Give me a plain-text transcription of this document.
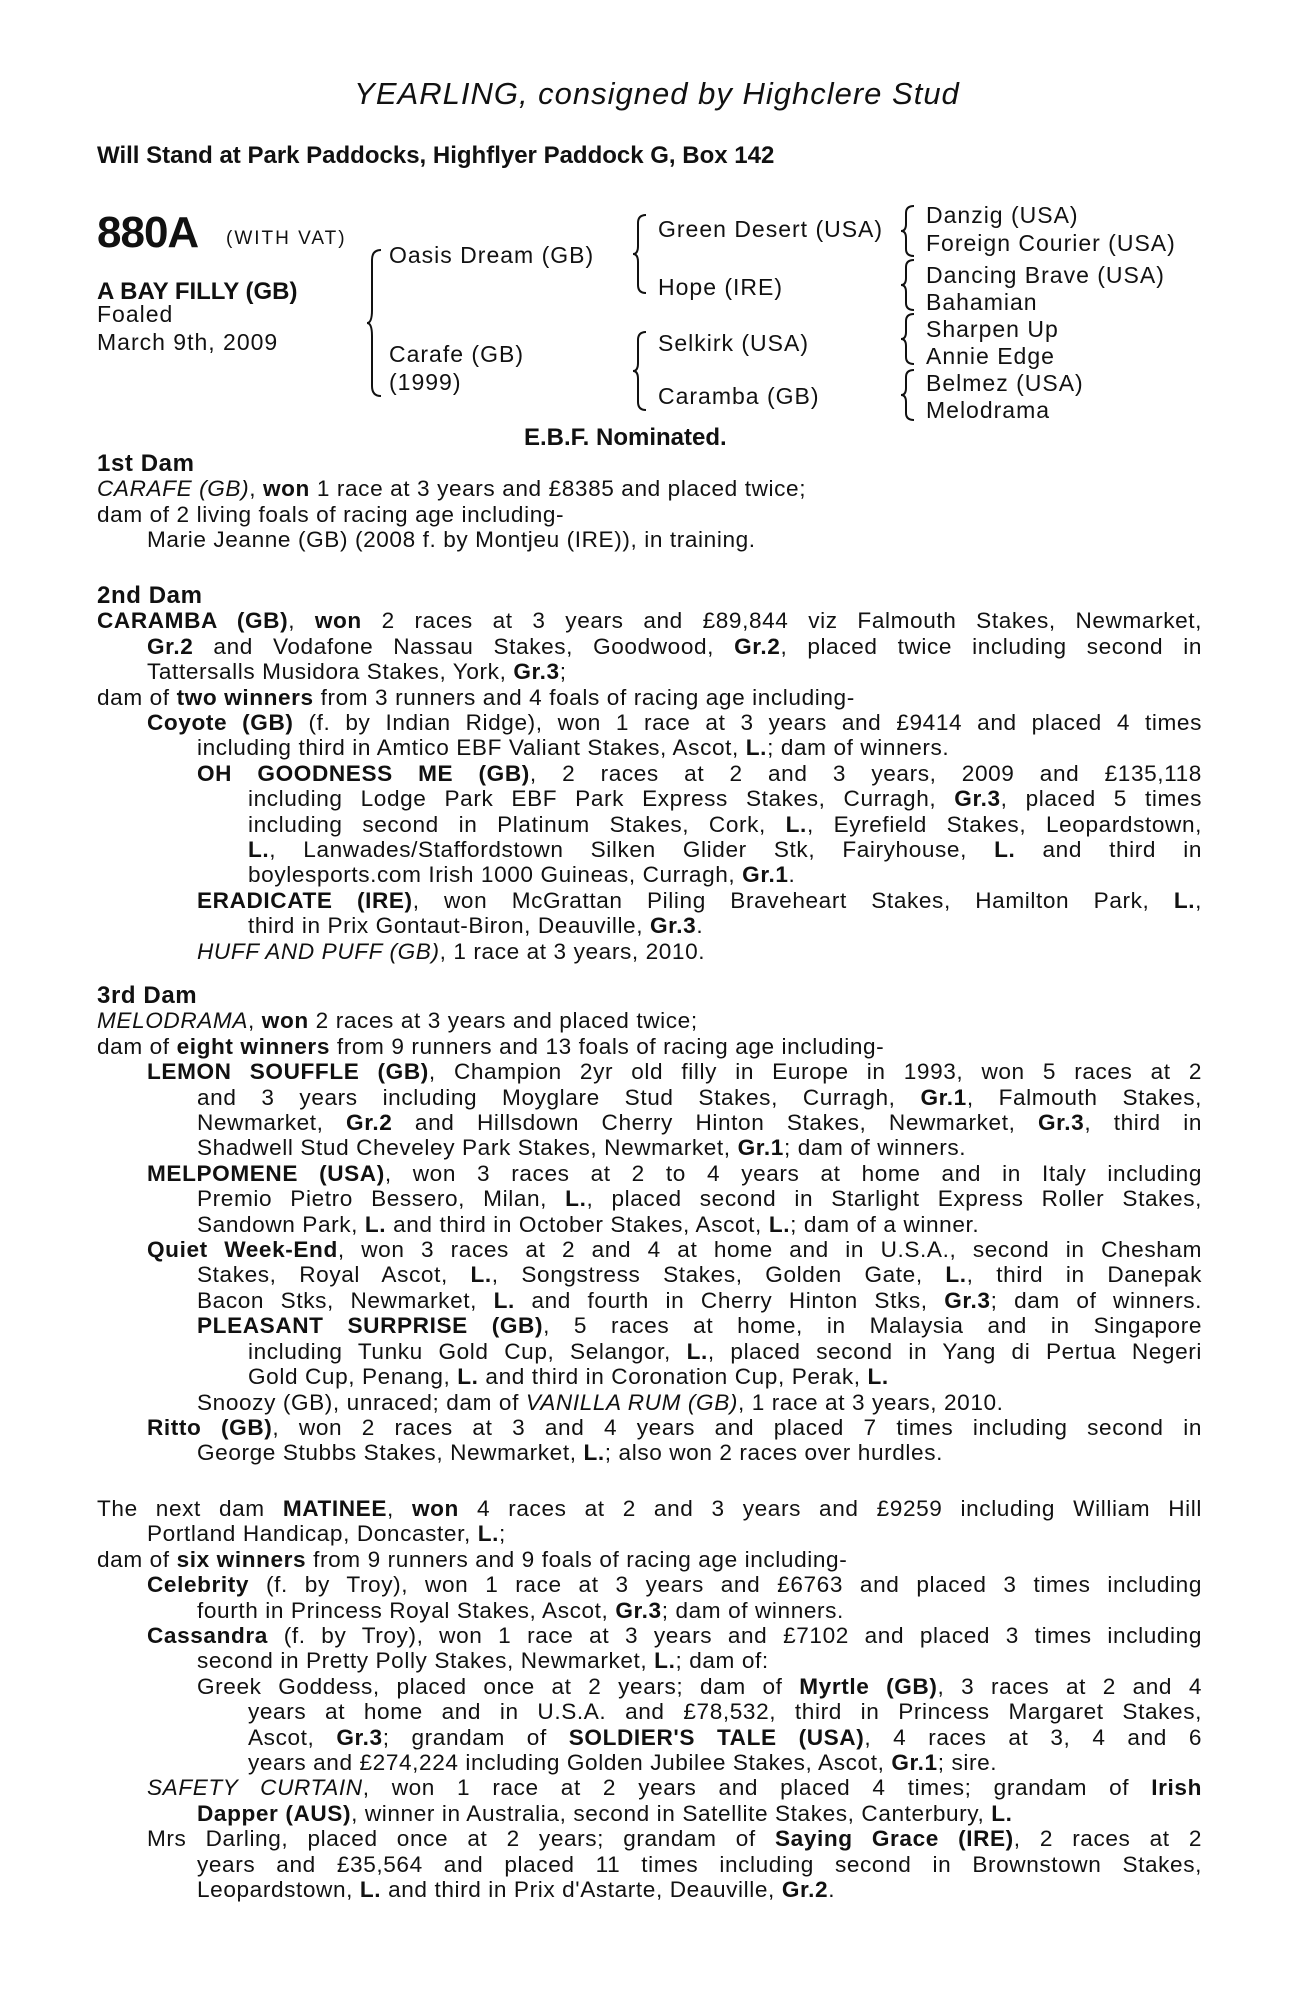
YEARLING, consigned by Highclere Stud
Will Stand at Park Paddocks, Highflyer Paddock G, Box 142
880A (WITH VAT)
A BAY FILLY (GB)
Foaled
March 9th, 2009
Oasis Dream (GB)
Carafe (GB)
(1999)
Green Desert (USA)
Hope (IRE)
Selkirk (USA)
Caramba (GB)
Danzig (USA)
Foreign Courier (USA)
Dancing Brave (USA)
Bahamian
Sharpen Up
Annie Edge
Belmez (USA)
Melodrama
E.B.F. Nominated.
1st Dam
CARAFE (GB), won 1 race at 3 years and £8385 and placed twice;
dam of 2 living foals of racing age including-
Marie Jeanne (GB) (2008 f. by Montjeu (IRE)), in training.
2nd Dam
CARAMBA (GB), won 2 races at 3 years and £89,844 viz Falmouth Stakes, Newmarket,
Gr.2 and Vodafone Nassau Stakes, Goodwood, Gr.2, placed twice including second in
Tattersalls Musidora Stakes, York, Gr.3;
dam of two winners from 3 runners and 4 foals of racing age including-
Coyote (GB) (f. by Indian Ridge), won 1 race at 3 years and £9414 and placed 4 times
including third in Amtico EBF Valiant Stakes, Ascot, L.; dam of winners.
OH GOODNESS ME (GB), 2 races at 2 and 3 years, 2009 and £135,118
including Lodge Park EBF Park Express Stakes, Curragh, Gr.3, placed 5 times
including second in Platinum Stakes, Cork, L., Eyrefield Stakes, Leopardstown,
L., Lanwades/Staffordstown Silken Glider Stk, Fairyhouse, L. and third in
boylesports.com Irish 1000 Guineas, Curragh, Gr.1.
ERADICATE (IRE), won McGrattan Piling Braveheart Stakes, Hamilton Park, L.,
third in Prix Gontaut-Biron, Deauville, Gr.3.
HUFF AND PUFF (GB), 1 race at 3 years, 2010.
3rd Dam
MELODRAMA, won 2 races at 3 years and placed twice;
dam of eight winners from 9 runners and 13 foals of racing age including-
LEMON SOUFFLE (GB), Champion 2yr old filly in Europe in 1993, won 5 races at 2
and 3 years including Moyglare Stud Stakes, Curragh, Gr.1, Falmouth Stakes,
Newmarket, Gr.2 and Hillsdown Cherry Hinton Stakes, Newmarket, Gr.3, third in
Shadwell Stud Cheveley Park Stakes, Newmarket, Gr.1; dam of winners.
MELPOMENE (USA), won 3 races at 2 to 4 years at home and in Italy including
Premio Pietro Bessero, Milan, L., placed second in Starlight Express Roller Stakes,
Sandown Park, L. and third in October Stakes, Ascot, L.; dam of a winner.
Quiet Week-End, won 3 races at 2 and 4 at home and in U.S.A., second in Chesham
Stakes, Royal Ascot, L., Songstress Stakes, Golden Gate, L., third in Danepak
Bacon Stks, Newmarket, L. and fourth in Cherry Hinton Stks, Gr.3; dam of winners.
PLEASANT SURPRISE (GB), 5 races at home, in Malaysia and in Singapore
including Tunku Gold Cup, Selangor, L., placed second in Yang di Pertua Negeri
Gold Cup, Penang, L. and third in Coronation Cup, Perak, L.
Snoozy (GB), unraced; dam of VANILLA RUM (GB), 1 race at 3 years, 2010.
Ritto (GB), won 2 races at 3 and 4 years and placed 7 times including second in
George Stubbs Stakes, Newmarket, L.; also won 2 races over hurdles.
The next dam MATINEE, won 4 races at 2 and 3 years and £9259 including William Hill
Portland Handicap, Doncaster, L.;
dam of six winners from 9 runners and 9 foals of racing age including-
Celebrity (f. by Troy), won 1 race at 3 years and £6763 and placed 3 times including
fourth in Princess Royal Stakes, Ascot, Gr.3; dam of winners.
Cassandra (f. by Troy), won 1 race at 3 years and £7102 and placed 3 times including
second in Pretty Polly Stakes, Newmarket, L.; dam of:
Greek Goddess, placed once at 2 years; dam of Myrtle (GB), 3 races at 2 and 4
years at home and in U.S.A. and £78,532, third in Princess Margaret Stakes,
Ascot, Gr.3; grandam of SOLDIER'S TALE (USA), 4 races at 3, 4 and 6
years and £274,224 including Golden Jubilee Stakes, Ascot, Gr.1; sire.
SAFETY CURTAIN, won 1 race at 2 years and placed 4 times; grandam of Irish
Dapper (AUS), winner in Australia, second in Satellite Stakes, Canterbury, L.
Mrs Darling, placed once at 2 years; grandam of Saying Grace (IRE), 2 races at 2
years and £35,564 and placed 11 times including second in Brownstown Stakes,
Leopardstown, L. and third in Prix d'Astarte, Deauville, Gr.2.
